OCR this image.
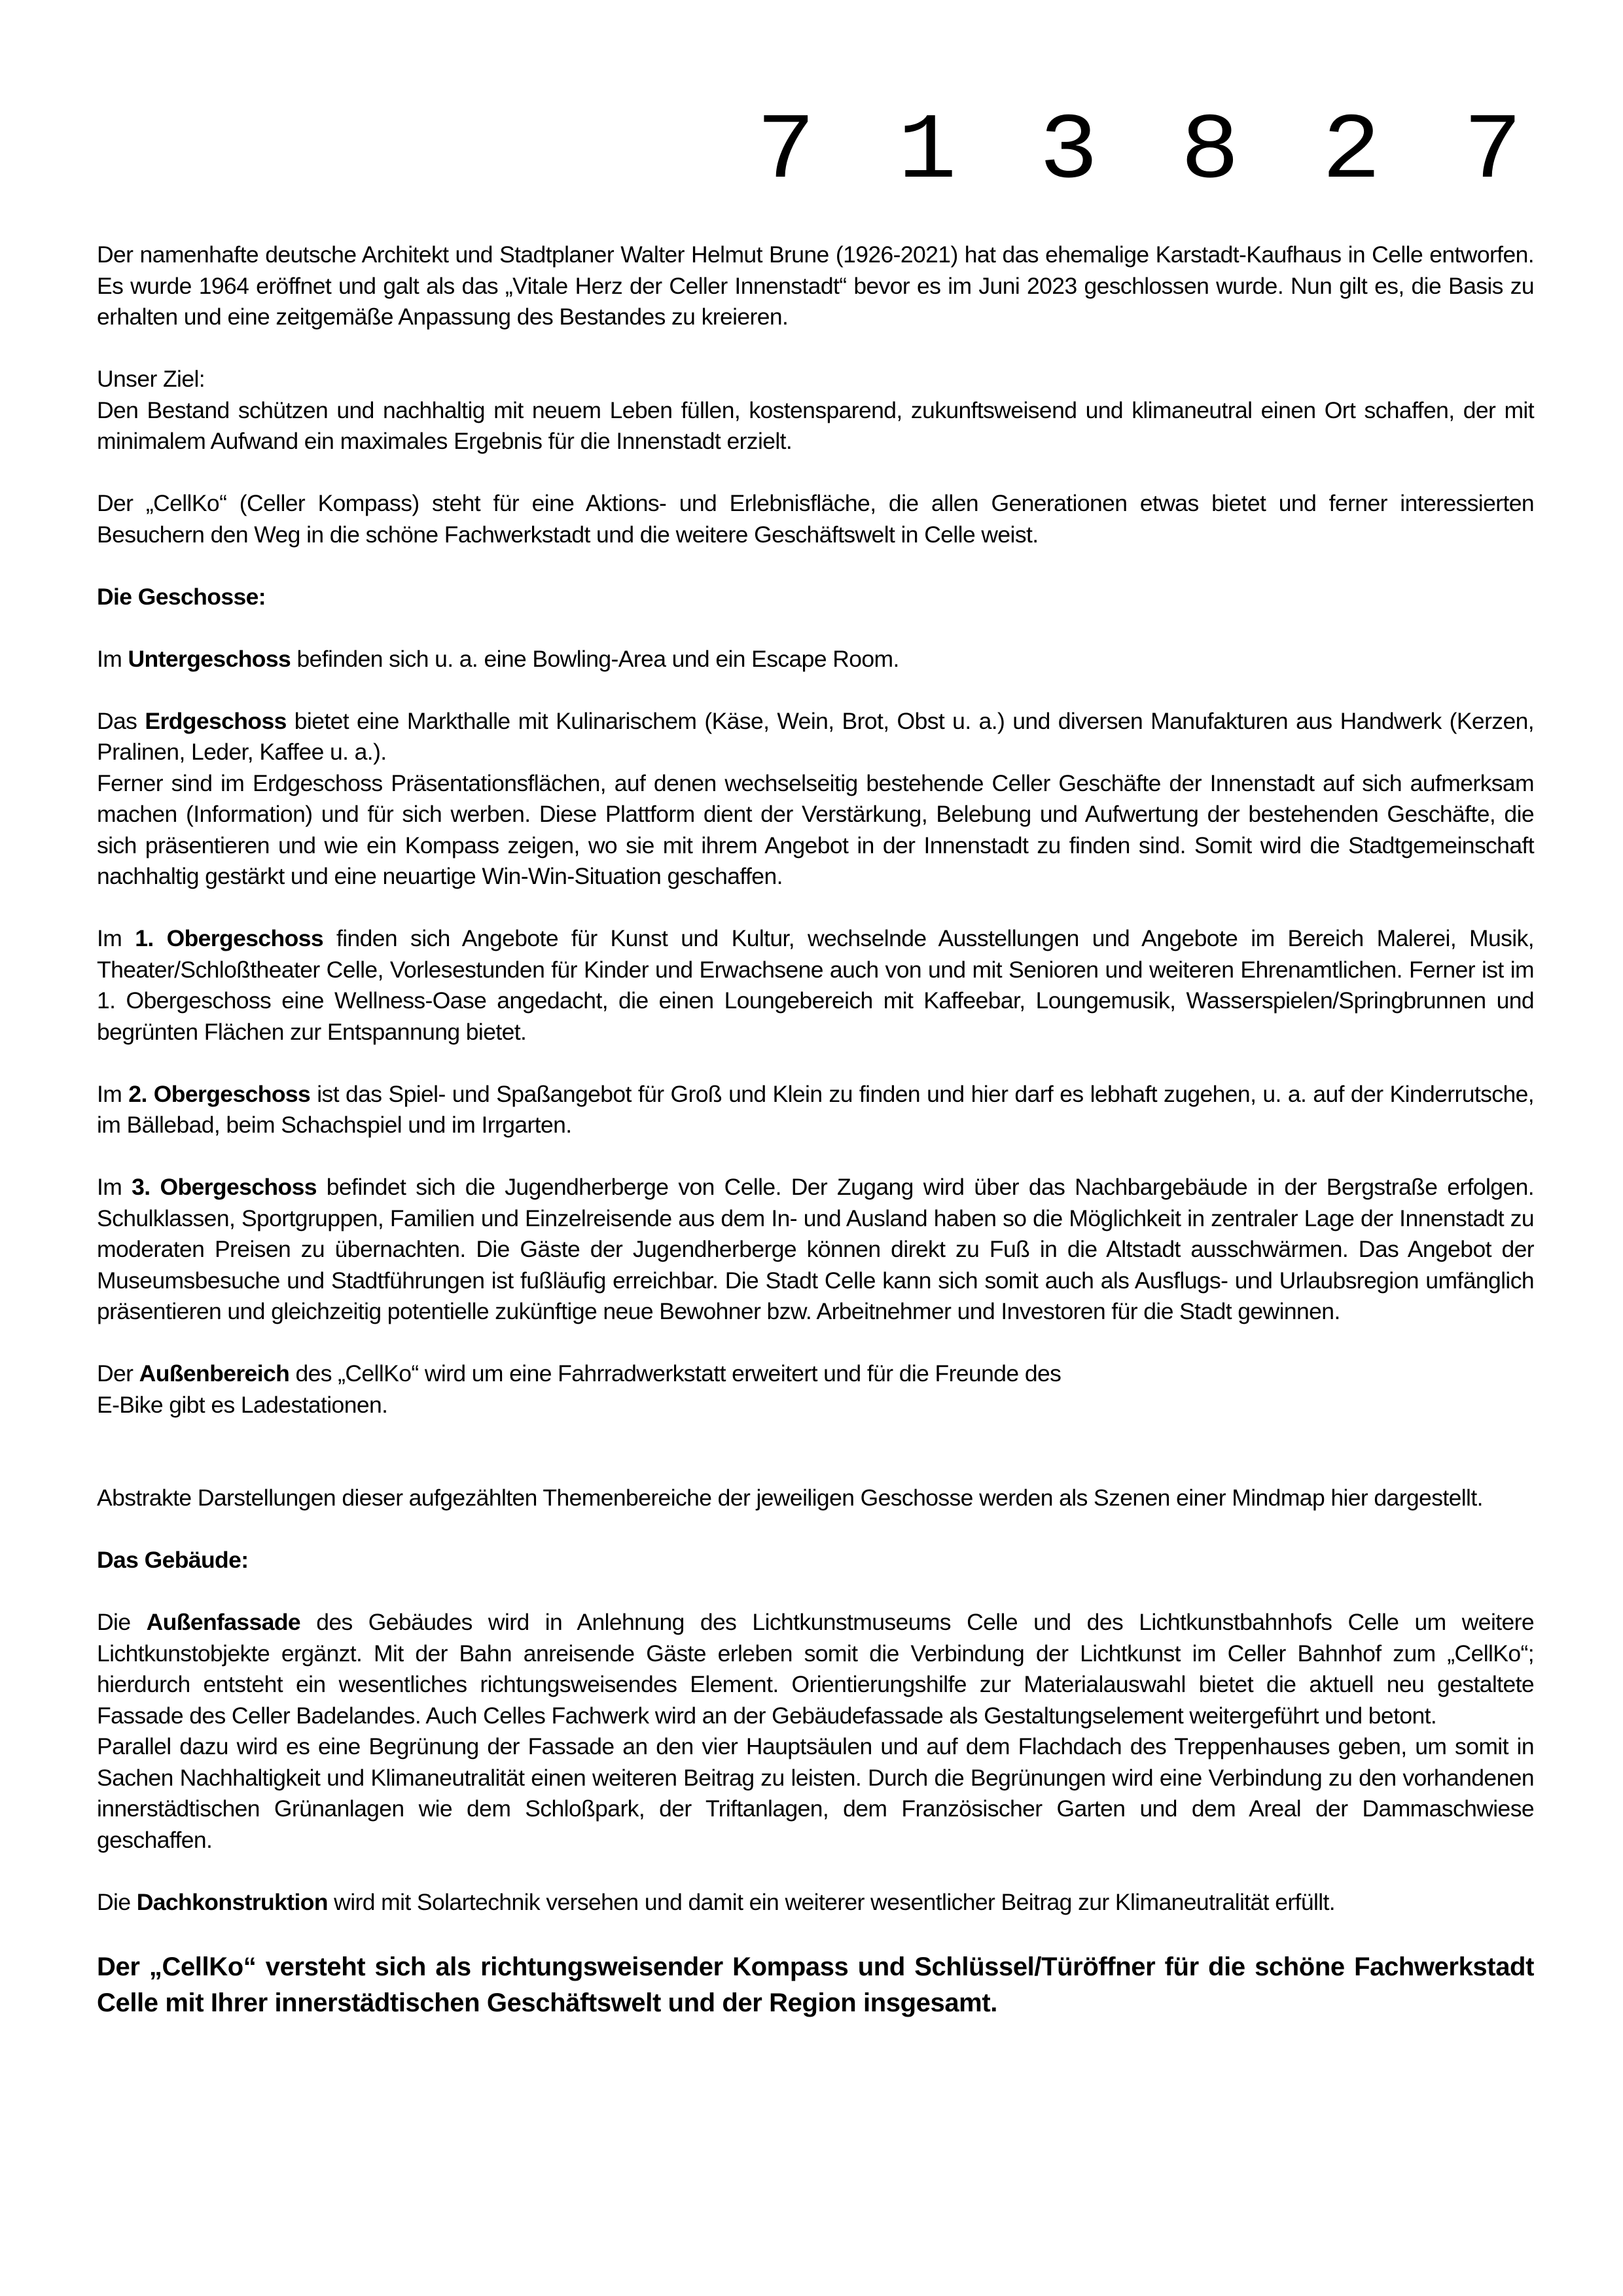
7 1 3 8 2 7

Der namenhafte deutsche Architekt und Stadtplaner Walter Helmut Brune (1926-2021) hat das ehemalige Karstadt-Kaufhaus in Celle entworfen. Es wurde 1964 eröffnet und galt als das „Vitale Herz der Celler Innenstadt“ bevor es im Juni 2023 geschlossen wurde. Nun gilt es, die Basis zu erhalten und eine zeitgemäße Anpassung des Bestandes zu kreieren.

Unser Ziel:

Den Bestand schützen und nachhaltig mit neuem Leben füllen, kostensparend, zukunftsweisend und klimaneutral einen Ort schaffen, der mit minimalem Aufwand ein maximales Ergebnis für die Innenstadt erzielt.

Der „CellKo“ (Celler Kompass) steht für eine Aktions- und Erlebnisfläche, die allen Generationen etwas bietet und ferner interessierten Besuchern den Weg in die schöne Fachwerkstadt und die weitere Geschäftswelt in Celle weist.

Die Geschosse:

Im Untergeschoss befinden sich u. a. eine Bowling-Area und ein Escape Room.

Das Erdgeschoss bietet eine Markthalle mit Kulinarischem (Käse, Wein, Brot, Obst u. a.) und diversen Manufakturen aus Handwerk (Kerzen, Pralinen, Leder, Kaffee u. a.).

Ferner sind im Erdgeschoss Präsentationsflächen, auf denen wechselseitig bestehende Celler Geschäfte der Innenstadt auf sich aufmerksam machen (Information) und für sich werben. Diese Plattform dient der Verstärkung, Belebung und Aufwertung der bestehenden Geschäfte, die sich präsentieren und wie ein Kompass zeigen, wo sie mit ihrem Angebot in der Innenstadt zu finden sind. Somit wird die Stadtgemeinschaft nachhaltig gestärkt und eine neuartige Win-Win-Situation geschaffen.

Im 1. Obergeschoss finden sich Angebote für Kunst und Kultur, wechselnde Ausstellungen und Angebote im Bereich Malerei, Musik, Theater/Schloßtheater Celle, Vorlesestunden für Kinder und Erwachsene auch von und mit Senioren und weiteren Ehrenamtlichen. Ferner ist im 1. Obergeschoss eine Wellness-Oase angedacht, die einen Loungebereich mit Kaffeebar, Loungemusik, Wasserspielen/Springbrunnen und begrünten Flächen zur Entspannung bietet.

Im 2. Obergeschoss ist das Spiel- und Spaßangebot für Groß und Klein zu finden und hier darf es lebhaft zugehen, u. a. auf der Kinderrutsche, im Bällebad, beim Schachspiel und im Irrgarten.

Im 3. Obergeschoss befindet sich die Jugendherberge von Celle. Der Zugang wird über das Nachbargebäude in der Bergstraße erfolgen. Schulklassen, Sportgruppen, Familien und Einzelreisende aus dem In- und Ausland haben so die Möglichkeit in zentraler Lage der Innenstadt zu moderaten Preisen zu übernachten. Die Gäste der Jugendherberge können direkt zu Fuß in die Altstadt ausschwärmen. Das Angebot der Museumsbesuche und Stadtführungen ist fußläufig erreichbar. Die Stadt Celle kann sich somit auch als Ausflugs- und Urlaubsregion umfänglich präsentieren und gleichzeitig potentielle zukünftige neue Bewohner bzw. Arbeitnehmer und Investoren für die Stadt gewinnen.

Der Außenbereich des „CellKo“ wird um eine Fahrradwerkstatt erweitert und für die Freunde des

E-Bike gibt es Ladestationen.

Abstrakte Darstellungen dieser aufgezählten Themenbereiche der jeweiligen Geschosse werden als Szenen einer Mindmap hier dargestellt.

Das Gebäude:

Die Außenfassade des Gebäudes wird in Anlehnung des Lichtkunstmuseums Celle und des Lichtkunstbahnhofs Celle um weitere Lichtkunstobjekte ergänzt. Mit der Bahn anreisende Gäste erleben somit die Verbindung der Lichtkunst im Celler Bahnhof zum „CellKo“; hierdurch entsteht ein wesentliches richtungsweisendes Element. Orientierungshilfe zur Materialauswahl bietet die aktuell neu gestaltete Fassade des Celler Badelandes. Auch Celles Fachwerk wird an der Gebäudefassade als Gestaltungselement weitergeführt und betont.

Parallel dazu wird es eine Begrünung der Fassade an den vier Hauptsäulen und auf dem Flachdach des Treppenhauses geben, um somit in Sachen Nachhaltigkeit und Klimaneutralität einen weiteren Beitrag zu leisten. Durch die Begrünungen wird eine Verbindung zu den vorhandenen innerstädtischen Grünanlagen wie dem Schloßpark, der Triftanlagen, dem Französischer Garten und dem Areal der Dammaschwiese geschaffen.

Die Dachkonstruktion wird mit Solartechnik versehen und damit ein weiterer wesentlicher Beitrag zur Klimaneutralität erfüllt.

Der „CellKo“ versteht sich als richtungsweisender Kompass und Schlüssel/Türöffner für die schöne Fachwerkstadt Celle mit Ihrer innerstädtischen Geschäftswelt und der Region insgesamt.
